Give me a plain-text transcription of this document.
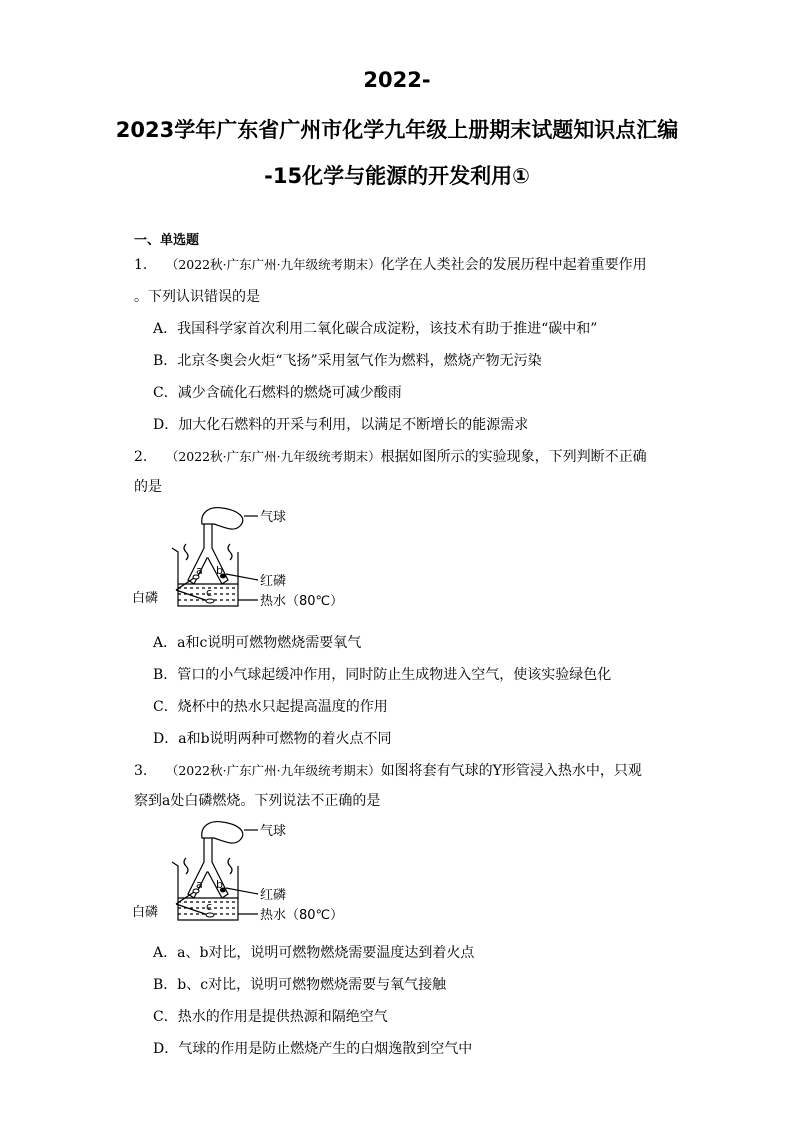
2022-
2023学年广东省广州市化学九年级上册期末试题知识点汇编
-15化学与能源的开发利用①
一、单选题
1. （2022秋·广东广州·九年级统考期末）化学在人类社会的发展历程中起着重要作用
。下列认识错误的是
A．我国科学家首次利用二氧化碳合成淀粉，该技术有助于推进“碳中和”
B．北京冬奥会火炬“飞扬”采用氢气作为燃料，燃烧产物无污染
C．减少含硫化石燃料的燃烧可减少酸雨
D．加大化石燃料的开采与利用，以满足不断增长的能源需求
2. （2022秋·广东广州·九年级统考期末）根据如图所示的实验现象，下列判断不正确
的是
a b
c
气球
红磷
白磷	热水（80℃）
A．a和c说明可燃物燃烧需要氧气
B．管口的小气球起缓冲作用，同时防止生成物进入空气，使该实验绿色化
C．烧杯中的热水只起提高温度的作用
D．a和b说明两种可燃物的着火点不同
3. （2022秋·广东广州·九年级统考期末）如图将套有气球的Y形管浸入热水中，只观
察到a处白磷燃烧。下列说法不正确的是
a b
c
气球
红磷
白磷	热水（80℃）
A．a、b对比，说明可燃物燃烧需要温度达到着火点
B．b、c对比，说明可燃物燃烧需要与氧气接触
C．热水的作用是提供热源和隔绝空气
D．气球的作用是防止燃烧产生的白烟逸散到空气中
